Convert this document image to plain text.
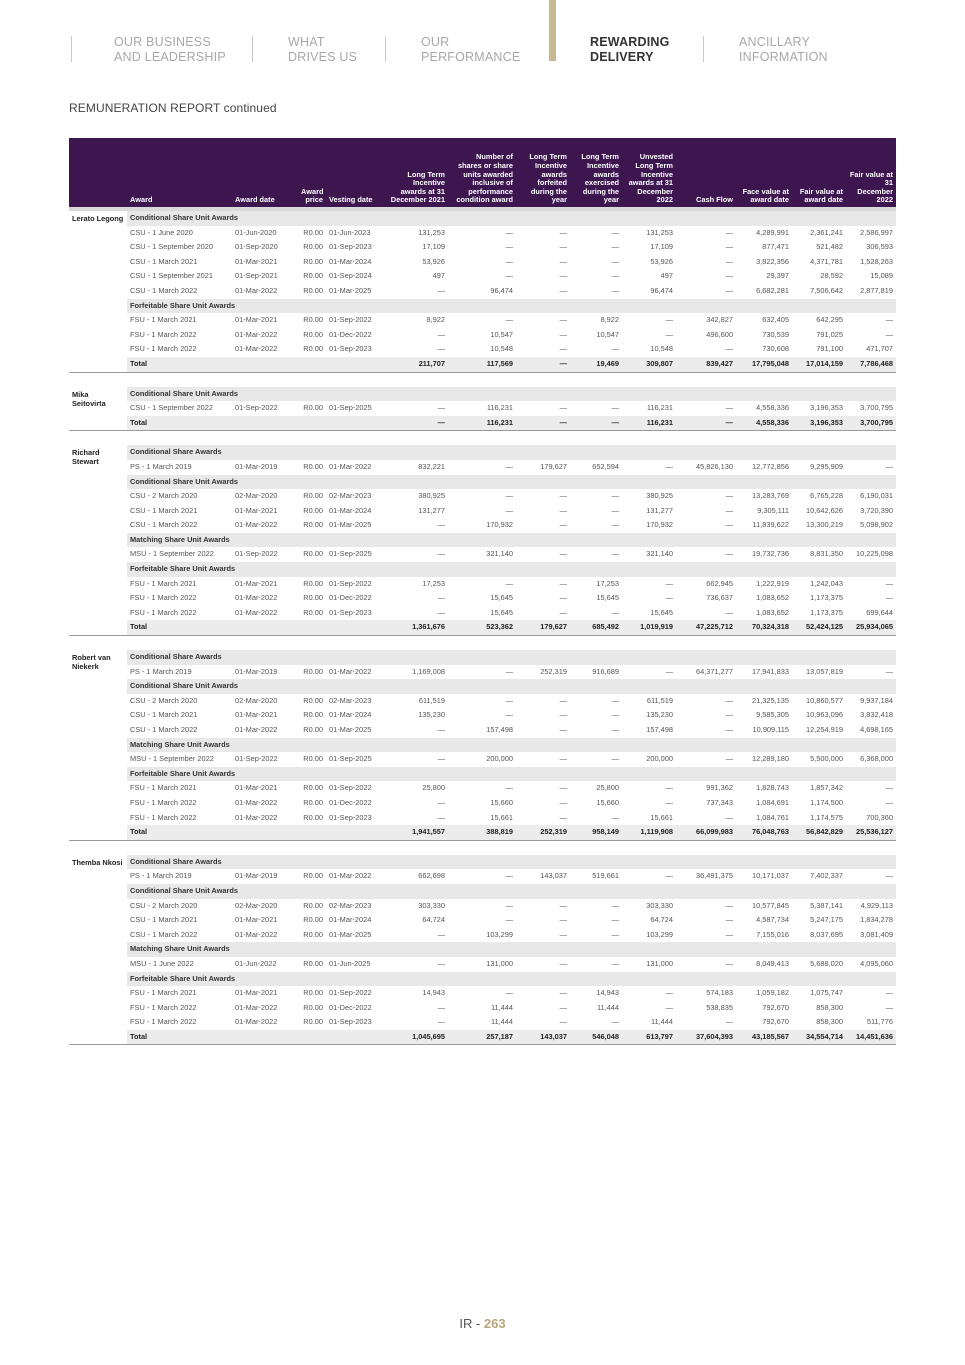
OUR BUSINESS
AND LEADERSHIP
WHAT
DRIVES US
OUR
PERFORMANCE
REWARDING
DELIVERY
ANCILLARY
INFORMATION
REMUNERATION REPORT continued
	Award	Award date	Award price	Vesting date	Long Term Incentive awards at 31 December 2021	Number of shares or share units awarded inclusive of performance condition award	Long Term Incentive awards forfeited during the year	Long Term Incentive awards exercised during the year	Unvested Long Term Incentive awards at 31 December 2022	Cash Flow	Face value at award date	Fair value at award date	Fair value at 31 December 2022

Lerato Legong	Conditional Share Unit Awards												
	CSU - 1 June 2020	01-Jun-2020	R0.00	01-Jun-2023	131,253	—	—	—	131,253	—	4,289,991	2,361,241	2,586,997
	CSU - 1 September 2020	01-Sep-2020	R0.00	01-Sep-2023	17,109	—	—	—	17,109	—	877,471	521,482	306,593
	CSU - 1 March 2021	01-Mar-2021	R0.00	01-Mar-2024	53,926	—	—	—	53,926	—	3,822,356	4,371,781	1,528,263
	CSU - 1 September 2021	01-Sep-2021	R0.00	01-Sep-2024	497	—	—	—	497	—	29,397	28,592	15,089
	CSU - 1 March 2022	01-Mar-2022	R0.00	01-Mar-2025	—	96,474	—	—	96,474	—	6,682,281	7,506,642	2,877,819
	Forfeitable Share Unit Awards												
	FSU - 1 March 2021	01-Mar-2021	R0.00	01-Sep-2022	8,922	—	—	8,922	—	342,827	632,405	642,295	—
	FSU - 1 March 2022	01-Mar-2022	R0.00	01-Dec-2022	—	10,547	—	10,547	—	496,600	730,539	791,025	—
	FSU - 1 March 2022	01-Mar-2022	R0.00	01-Sep-2023	—	10,548	—	—	10,548	—	730,608	791,100	471,707
	Total				211,707	117,569	—	19,469	309,807	839,427	17,795,048	17,014,159	7,786,468

Mika Seitovirta	Conditional Share Unit Awards												
	CSU - 1 September 2022	01-Sep-2022	R0.00	01-Sep-2025	—	116,231	—	—	116,231	—	4,558,336	3,196,353	3,700,795
	Total				—	116,231	—	—	116,231	—	4,558,336	3,196,353	3,700,795

Richard Stewart	Conditional Share Awards												
	PS - 1 March 2019	01-Mar-2019	R0.00	01-Mar-2022	832,221	—	179,627	652,594	—	45,826,130	12,772,856	9,295,909	—
	Conditional Share Unit Awards												
	CSU - 2 March 2020	02-Mar-2020	R0.00	02-Mar-2023	380,925	—	—	—	380,925	—	13,283,769	6,765,228	6,190,031
	CSU - 1 March 2021	01-Mar-2021	R0.00	01-Mar-2024	131,277	—	—	—	131,277	—	9,305,111	10,642,626	3,720,390
	CSU - 1 March 2022	01-Mar-2022	R0.00	01-Mar-2025	—	170,932	—	—	170,932	—	11,839,622	13,300,219	5,098,902
	Matching Share Unit Awards												
	MSU - 1 September 2022	01-Sep-2022	R0.00	01-Sep-2025	—	321,140	—	—	321,140	—	19,732,736	8,831,350	10,225,098
	Forfeitable Share Unit Awards												
	FSU - 1 March 2021	01-Mar-2021	R0.00	01-Sep-2022	17,253	—	—	17,253	—	662,945	1,222,919	1,242,043	—
	FSU - 1 March 2022	01-Mar-2022	R0.00	01-Dec-2022	—	15,645	—	15,645	—	736,637	1,083,652	1,173,375	—
	FSU - 1 March 2022	01-Mar-2022	R0.00	01-Sep-2023	—	15,645	—	—	15,645	—	1,083,652	1,173,375	699,644
	Total				1,361,676	523,362	179,627	685,492	1,019,919	47,225,712	70,324,318	52,424,125	25,934,065

Robert van Niekerk	Conditional Share Awards												
	PS - 1 March 2019	01-Mar-2019	R0.00	01-Mar-2022	1,169,008	—	252,319	916,689	—	64,371,277	17,941,833	13,057,819	—
	Conditional Share Unit Awards												
	CSU - 2 March 2020	02-Mar-2020	R0.00	02-Mar-2023	611,519	—	—	—	611,519	—	21,325,135	10,860,577	9,937,184
	CSU - 1 March 2021	01-Mar-2021	R0.00	01-Mar-2024	135,230	—	—	—	135,230	—	9,585,305	10,963,096	3,832,418
	CSU - 1 March 2022	01-Mar-2022	R0.00	01-Mar-2025	—	157,498	—	—	157,498	—	10,909,115	12,254,919	4,698,165
	Matching Share Unit Awards												
	MSU - 1 September 2022	01-Sep-2022	R0.00	01-Sep-2025	—	200,000	—	—	200,000	—	12,289,180	5,500,000	6,368,000
	Forfeitable Share Unit Awards												
	FSU - 1 March 2021	01-Mar-2021	R0.00	01-Sep-2022	25,800	—	—	25,800	—	991,362	1,828,743	1,857,342	—
	FSU - 1 March 2022	01-Mar-2022	R0.00	01-Dec-2022	—	15,660	—	15,660	—	737,343	1,084,691	1,174,500	—
	FSU - 1 March 2022	01-Mar-2022	R0.00	01-Sep-2023	—	15,661	—	—	15,661	—	1,084,761	1,174,575	700,360
	Total				1,941,557	388,819	252,319	958,149	1,119,908	66,099,983	76,048,763	56,842,829	25,536,127

Themba Nkosi	Conditional Share Awards												
	PS - 1 March 2019	01-Mar-2019	R0.00	01-Mar-2022	662,698	—	143,037	519,661	—	36,491,375	10,171,037	7,402,337	—
	Conditional Share Unit Awards												
	CSU - 2 March 2020	02-Mar-2020	R0.00	02-Mar-2023	303,330	—	—	—	303,330	—	10,577,845	5,387,141	4,929,113
	CSU - 1 March 2021	01-Mar-2021	R0.00	01-Mar-2024	64,724	—	—	—	64,724	—	4,587,734	5,247,175	1,834,278
	CSU - 1 March 2022	01-Mar-2022	R0.00	01-Mar-2025	—	103,299	—	—	103,299	—	7,155,016	8,037,695	3,081,409
	Matching Share Unit Awards												
	MSU - 1 June 2022	01-Jun-2022	R0.00	01-Jun-2025	—	131,000	—	—	131,000	—	8,049,413	5,688,020	4,095,060
	Forfeitable Share Unit Awards												
	FSU - 1 March 2021	01-Mar-2021	R0.00	01-Sep-2022	14,943	—	—	14,943	—	574,183	1,059,182	1,075,747	—
	FSU - 1 March 2022	01-Mar-2022	R0.00	01-Dec-2022	—	11,444	—	11,444	—	538,835	792,670	858,300	—
	FSU - 1 March 2022	01-Mar-2022	R0.00	01-Sep-2023	—	11,444	—	—	11,444	—	792,670	858,300	511,776
	Total				1,045,695	257,187	143,037	546,048	613,797	37,604,393	43,185,567	34,554,714	14,451,636

IR - 263
